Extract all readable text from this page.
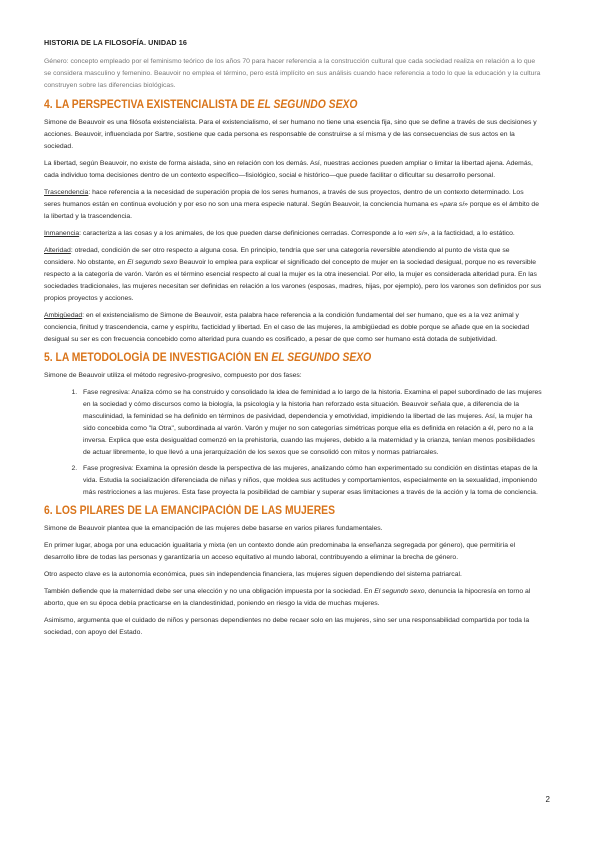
HISTORIA DE LA FILOSOFÍA. UNIDAD 16

Género: concepto empleado por el feminismo teórico de los años 70 para hacer referencia a la construcción cultural que cada sociedad realiza en relación a lo que se considera masculino y femenino. Beauvoir no emplea el término, pero está implícito en sus análisis cuando hace referencia a todo lo que la educación y la cultura construyen sobre las diferencias biológicas.

4. LA PERSPECTIVA EXISTENCIALISTA DE EL SEGUNDO SEXO

Simone de Beauvoir es una filósofa existencialista. Para el existencialismo, el ser humano no tiene una esencia fija, sino que se define a través de sus decisiones y acciones. Beauvoir, influenciada por Sartre, sostiene que cada persona es responsable de construirse a sí misma y de las consecuencias de sus actos en la sociedad.

La libertad, según Beauvoir, no existe de forma aislada, sino en relación con los demás. Así, nuestras acciones pueden ampliar o limitar la libertad ajena. Además, cada individuo toma decisiones dentro de un contexto específico—fisiológico, social e histórico—que puede facilitar o dificultar su desarrollo personal.

Trascendencia: hace referencia a la necesidad de superación propia de los seres humanos, a través de sus proyectos, dentro de un contexto determinado. Los seres humanos están en continua evolución y por eso no son una mera especie natural. Según Beauvoir, la conciencia humana es «para sí» porque es el ámbito de la libertad y la trascendencia.

Inmanencia: caracteriza a las cosas y a los animales, de los que pueden darse definiciones cerradas. Corresponde a lo «en sí», a la facticidad, a lo estático.

Alteridad: otredad, condición de ser otro respecto a alguna cosa. En principio, tendría que ser una categoría reversible atendiendo al punto de vista que se considere. No obstante, en El segundo sexo Beauvoir lo emplea para explicar el significado del concepto de mujer en la sociedad desigual, porque no es reversible respecto a la categoría de varón. Varón es el término esencial respecto al cual la mujer es la otra inesencial. Por ello, la mujer es considerada alteridad pura. En las sociedades tradicionales, las mujeres necesitan ser definidas en relación a los varones (esposas, madres, hijas, por ejemplo), pero los varones son definidos por sus propios proyectos y acciones.

Ambigüedad: en el existencialismo de Simone de Beauvoir, esta palabra hace referencia a la condición fundamental del ser humano, que es a la vez animal y conciencia, finitud y trascendencia, carne y espíritu, facticidad y libertad. En el caso de las mujeres, la ambigüedad es doble porque se añade que en la sociedad desigual su ser es con frecuencia concebido como alteridad pura cuando es cosificado, a pesar de que como ser humano está dotada de subjetividad.

5. LA METODOLOGÍA DE INVESTIGACIÓN EN EL SEGUNDO SEXO

Simone de Beauvoir utiliza el método regresivo-progresivo, compuesto por dos fases:

1. Fase regresiva: Analiza cómo se ha construido y consolidado la idea de feminidad a lo largo de la historia. Examina el papel subordinado de las mujeres en la sociedad y cómo discursos como la biología, la psicología y la historia han reforzado esta situación. Beauvoir señala que, a diferencia de la masculinidad, la feminidad se ha definido en términos de pasividad, dependencia y emotividad, impidiendo la libertad de las mujeres. Así, la mujer ha sido concebida como "la Otra", subordinada al varón. Varón y mujer no son categorías simétricas porque ella es definida en relación a él, pero no a la inversa. Explica que esta desigualdad comenzó en la prehistoria, cuando las mujeres, debido a la maternidad y la crianza, tenían menos posibilidades de actuar libremente, lo que llevó a una jerarquización de los sexos que se consolidó con mitos y normas patriarcales.
2. Fase progresiva: Examina la opresión desde la perspectiva de las mujeres, analizando cómo han experimentado su condición en distintas etapas de la vida. Estudia la socialización diferenciada de niñas y niños, que moldea sus actitudes y comportamientos, especialmente en la sexualidad, imponiendo más restricciones a las mujeres. Esta fase proyecta la posibilidad de cambiar y superar esas limitaciones a través de la acción y la toma de conciencia.
6. LOS PILARES DE LA EMANCIPACIÓN DE LAS MUJERES

Simone de Beauvoir plantea que la emancipación de las mujeres debe basarse en varios pilares fundamentales.

En primer lugar, aboga por una educación igualitaria y mixta (en un contexto donde aún predominaba la enseñanza segregada por género), que permitiría el desarrollo libre de todas las personas y garantizaría un acceso equitativo al mundo laboral, contribuyendo a eliminar la brecha de género.

Otro aspecto clave es la autonomía económica, pues sin independencia financiera, las mujeres siguen dependiendo del sistema patriarcal.

También defiende que la maternidad debe ser una elección y no una obligación impuesta por la sociedad. En El segundo sexo, denuncia la hipocresía en torno al aborto, que en su época debía practicarse en la clandestinidad, poniendo en riesgo la vida de muchas mujeres.

Asimismo, argumenta que el cuidado de niños y personas dependientes no debe recaer solo en las mujeres, sino ser una responsabilidad compartida por toda la sociedad, con apoyo del Estado.

2
